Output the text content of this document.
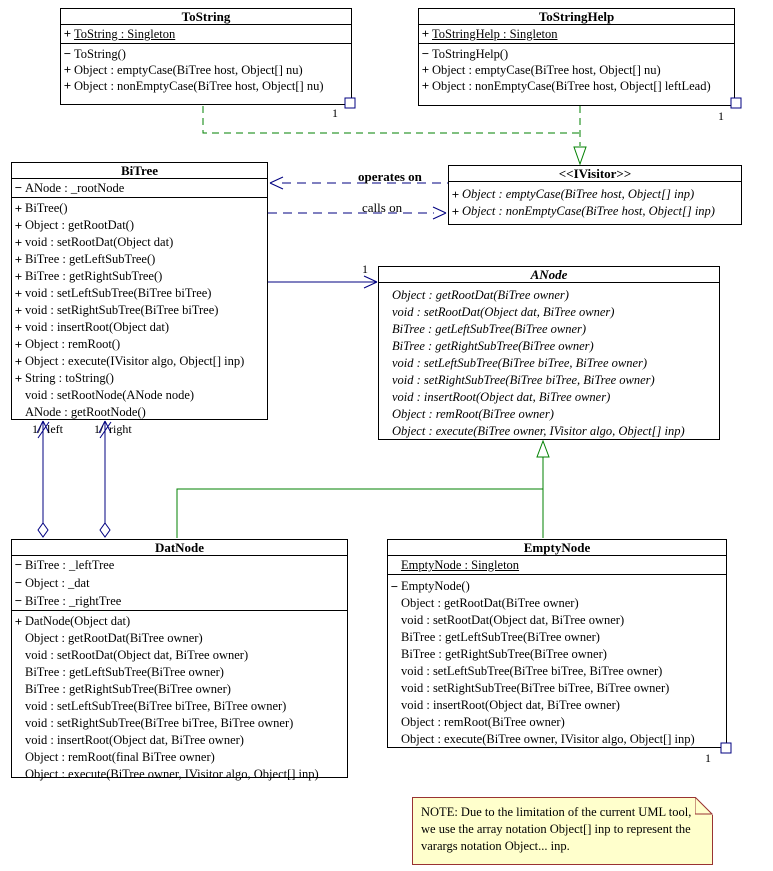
ToString
+ ToString : Singleton
− ToString()
+ Object : emptyCase(BiTree host, Object[] nu)
+ Object : nonEmptyCase(BiTree host, Object[] nu)
ToStringHelp
+ ToStringHelp : Singleton
− ToStringHelp()
+ Object : emptyCase(BiTree host, Object[] nu)
+ Object : nonEmptyCase(BiTree host, Object[] leftLead)
BiTree
− ANode : _rootNode
+ BiTree()
+ Object : getRootDat()
+ void : setRootDat(Object dat)
+ BiTree : getLeftSubTree()
+ BiTree : getRightSubTree()
+ void : setLeftSubTree(BiTree biTree)
+ void : setRightSubTree(BiTree biTree)
+ void : insertRoot(Object dat)
+ Object : remRoot()
+ Object : execute(IVisitor algo, Object[] inp)
+ String : toString()
void : setRootNode(ANode node)
ANode : getRootNode()
<<IVisitor>>
+ Object : emptyCase(BiTree host, Object[] inp)
+ Object : nonEmptyCase(BiTree host, Object[] inp)
ANode
Object : getRootDat(BiTree owner)
void : setRootDat(Object dat, BiTree owner)
BiTree : getLeftSubTree(BiTree owner)
BiTree : getRightSubTree(BiTree owner)
void : setLeftSubTree(BiTree biTree, BiTree owner)
void : setRightSubTree(BiTree biTree, BiTree owner)
void : insertRoot(Object dat, BiTree owner)
Object : remRoot(BiTree owner)
Object : execute(BiTree owner, IVisitor algo, Object[] inp)
DatNode
− BiTree : _leftTree
− Object : _dat
− BiTree : _rightTree
+ DatNode(Object dat)
Object : getRootDat(BiTree owner)
void : setRootDat(Object dat, BiTree owner)
BiTree : getLeftSubTree(BiTree owner)
BiTree : getRightSubTree(BiTree owner)
void : setLeftSubTree(BiTree biTree, BiTree owner)
void : setRightSubTree(BiTree biTree, BiTree owner)
void : insertRoot(Object dat, BiTree owner)
Object : remRoot(final BiTree owner)
Object : execute(BiTree owner, IVisitor algo, Object[] inp)
EmptyNode
EmptyNode : Singleton
− EmptyNode()
Object : getRootDat(BiTree owner)
void : setRootDat(Object dat, BiTree owner)
BiTree : getLeftSubTree(BiTree owner)
BiTree : getRightSubTree(BiTree owner)
void : setLeftSubTree(BiTree biTree, BiTree owner)
void : setRightSubTree(BiTree biTree, BiTree owner)
void : insertRoot(Object dat, BiTree owner)
Object : remRoot(BiTree owner)
Object : execute(BiTree owner, IVisitor algo, Object[] inp)
operates on
calls on
1
1	1
1
1/ left	1/ right
NOTE: Due to the limitation of the current UML tool, we use the array notation Object[] inp to represent the varargs notation Object... inp.
